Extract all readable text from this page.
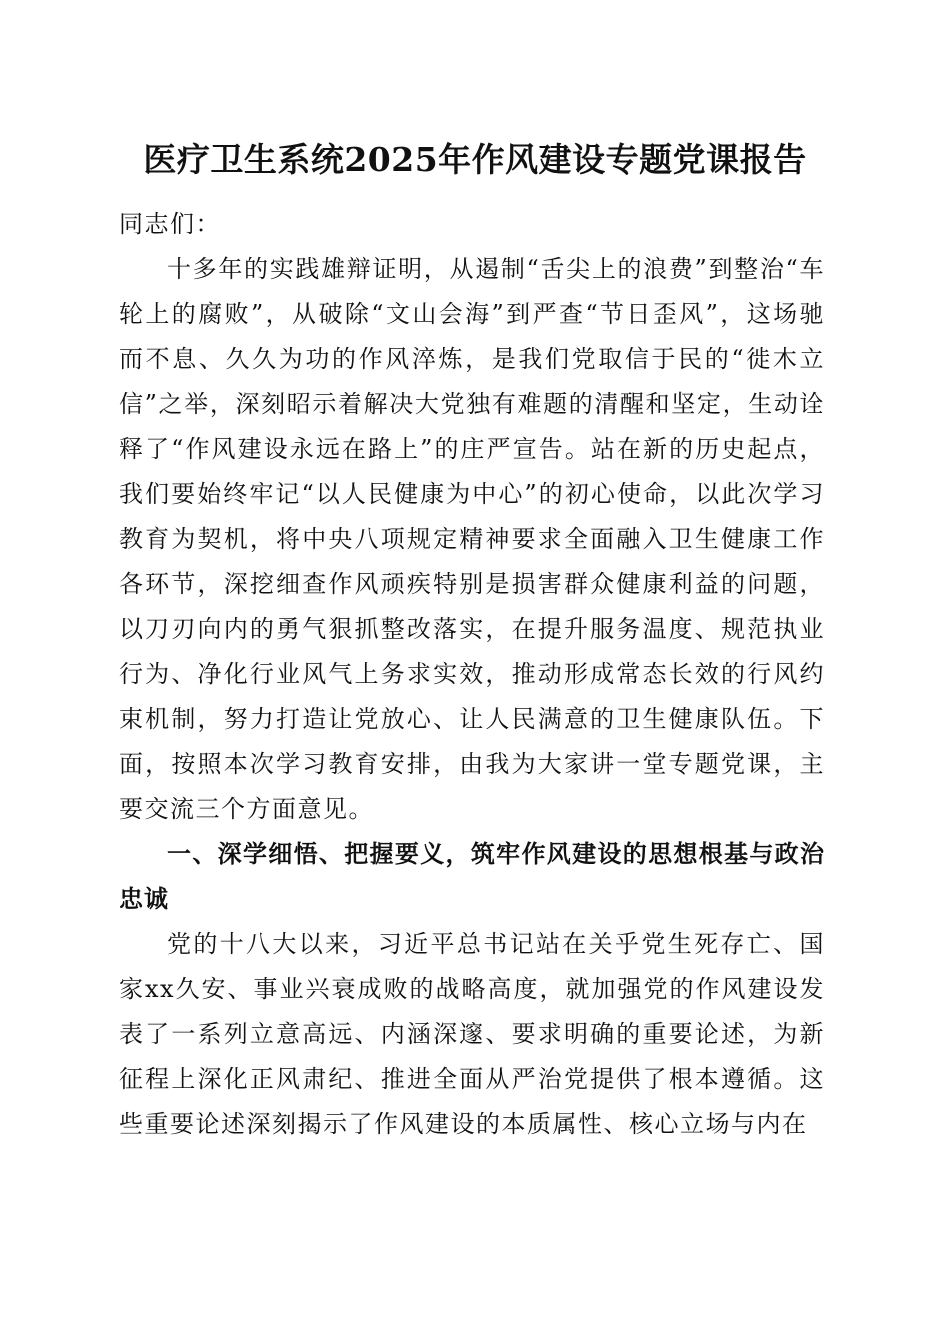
医疗卫生系统2025年作风建设专题党课报告

同志们：

十多年的实践雄辩证明，从遏制“舌尖上的浪费”到整治“车轮上的腐败”，从破除“文山会海”到严查“节日歪风”，这场驰而不息、久久为功的作风淬炼，是我们党取信于民的“徙木立信”之举，深刻昭示着解决大党独有难题的清醒和坚定，生动诠释了“作风建设永远在路上”的庄严宣告。站在新的历史起点，我们要始终牢记“以人民健康为中心”的初心使命，以此次学习教育为契机，将中央八项规定精神要求全面融入卫生健康工作各环节，深挖细查作风顽疾特别是损害群众健康利益的问题，以刀刃向内的勇气狠抓整改落实，在提升服务温度、规范执业行为、净化行业风气上务求实效，推动形成常态长效的行风约束机制，努力打造让党放心、让人民满意的卫生健康队伍。下面，按照本次学习教育安排，由我为大家讲一堂专题党课，主要交流三个方面意见。

一、深学细悟、把握要义，筑牢作风建设的思想根基与政治忠诚

党的十八大以来，习近平总书记站在关乎党生死存亡、国家xx久安、事业兴衰成败的战略高度，就加强党的作风建设发表了一系列立意高远、内涵深邃、要求明确的重要论述，为新征程上深化正风肃纪、推进全面从严治党提供了根本遵循。这些重要论述深刻揭示了作风建设的本质属性、核心立场与内在
